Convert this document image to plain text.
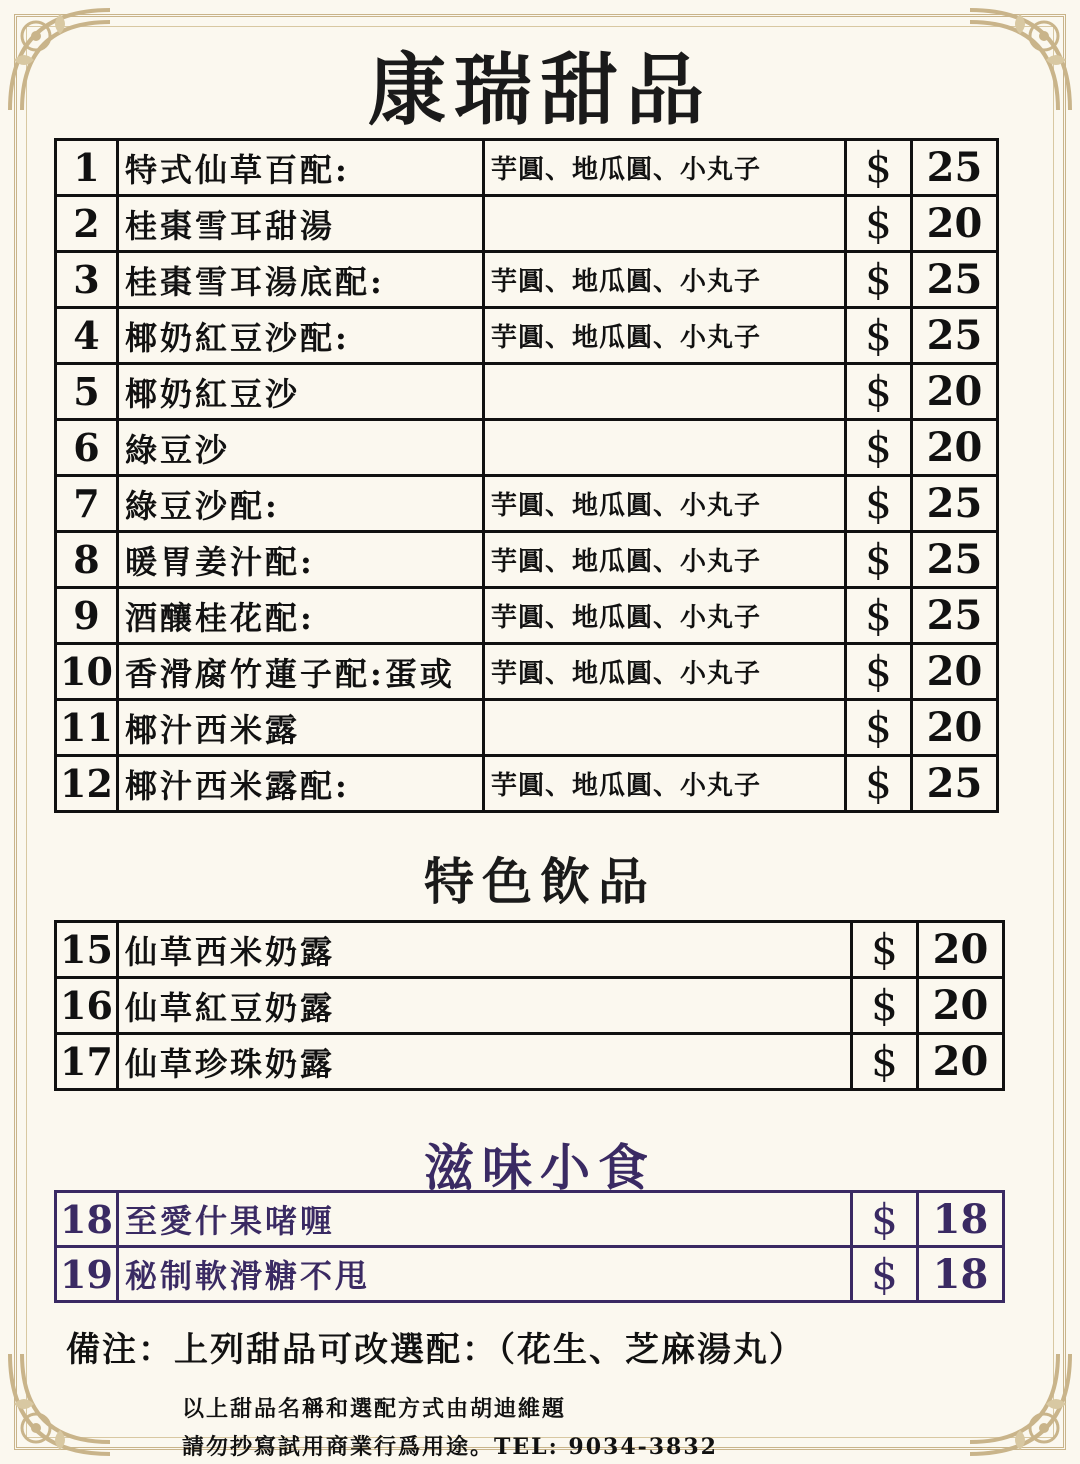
康瑞甜品
1	特式仙草百配:	芋圓、地瓜圓、小丸子	$	25
2	桂棗雪耳甜湯		$	20
3	桂棗雪耳湯底配:	芋圓、地瓜圓、小丸子	$	25
4	椰奶紅豆沙配:	芋圓、地瓜圓、小丸子	$	25
5	椰奶紅豆沙		$	20
6	綠豆沙		$	20
7	綠豆沙配:	芋圓、地瓜圓、小丸子	$	25
8	暖胃姜汁配:	芋圓、地瓜圓、小丸子	$	25
9	酒釀桂花配:	芋圓、地瓜圓、小丸子	$	25
10	香滑腐竹蓮子配:蛋或	芋圓、地瓜圓、小丸子	$	20
11	椰汁西米露		$	20
12	椰汁西米露配:	芋圓、地瓜圓、小丸子	$	25
特色飲品
15	仙草西米奶露	$	20
16	仙草紅豆奶露	$	20
17	仙草珍珠奶露	$	20
滋味小食
18	至愛什果啫喱	$	18
19	秘制軟滑糖不甩	$	18
備注：上列甜品可改選配：（花生、芝麻湯丸）
以上甜品名稱和選配方式由胡迪維題
請勿抄寫試用商業行爲用途。TEL: 9034-3832
